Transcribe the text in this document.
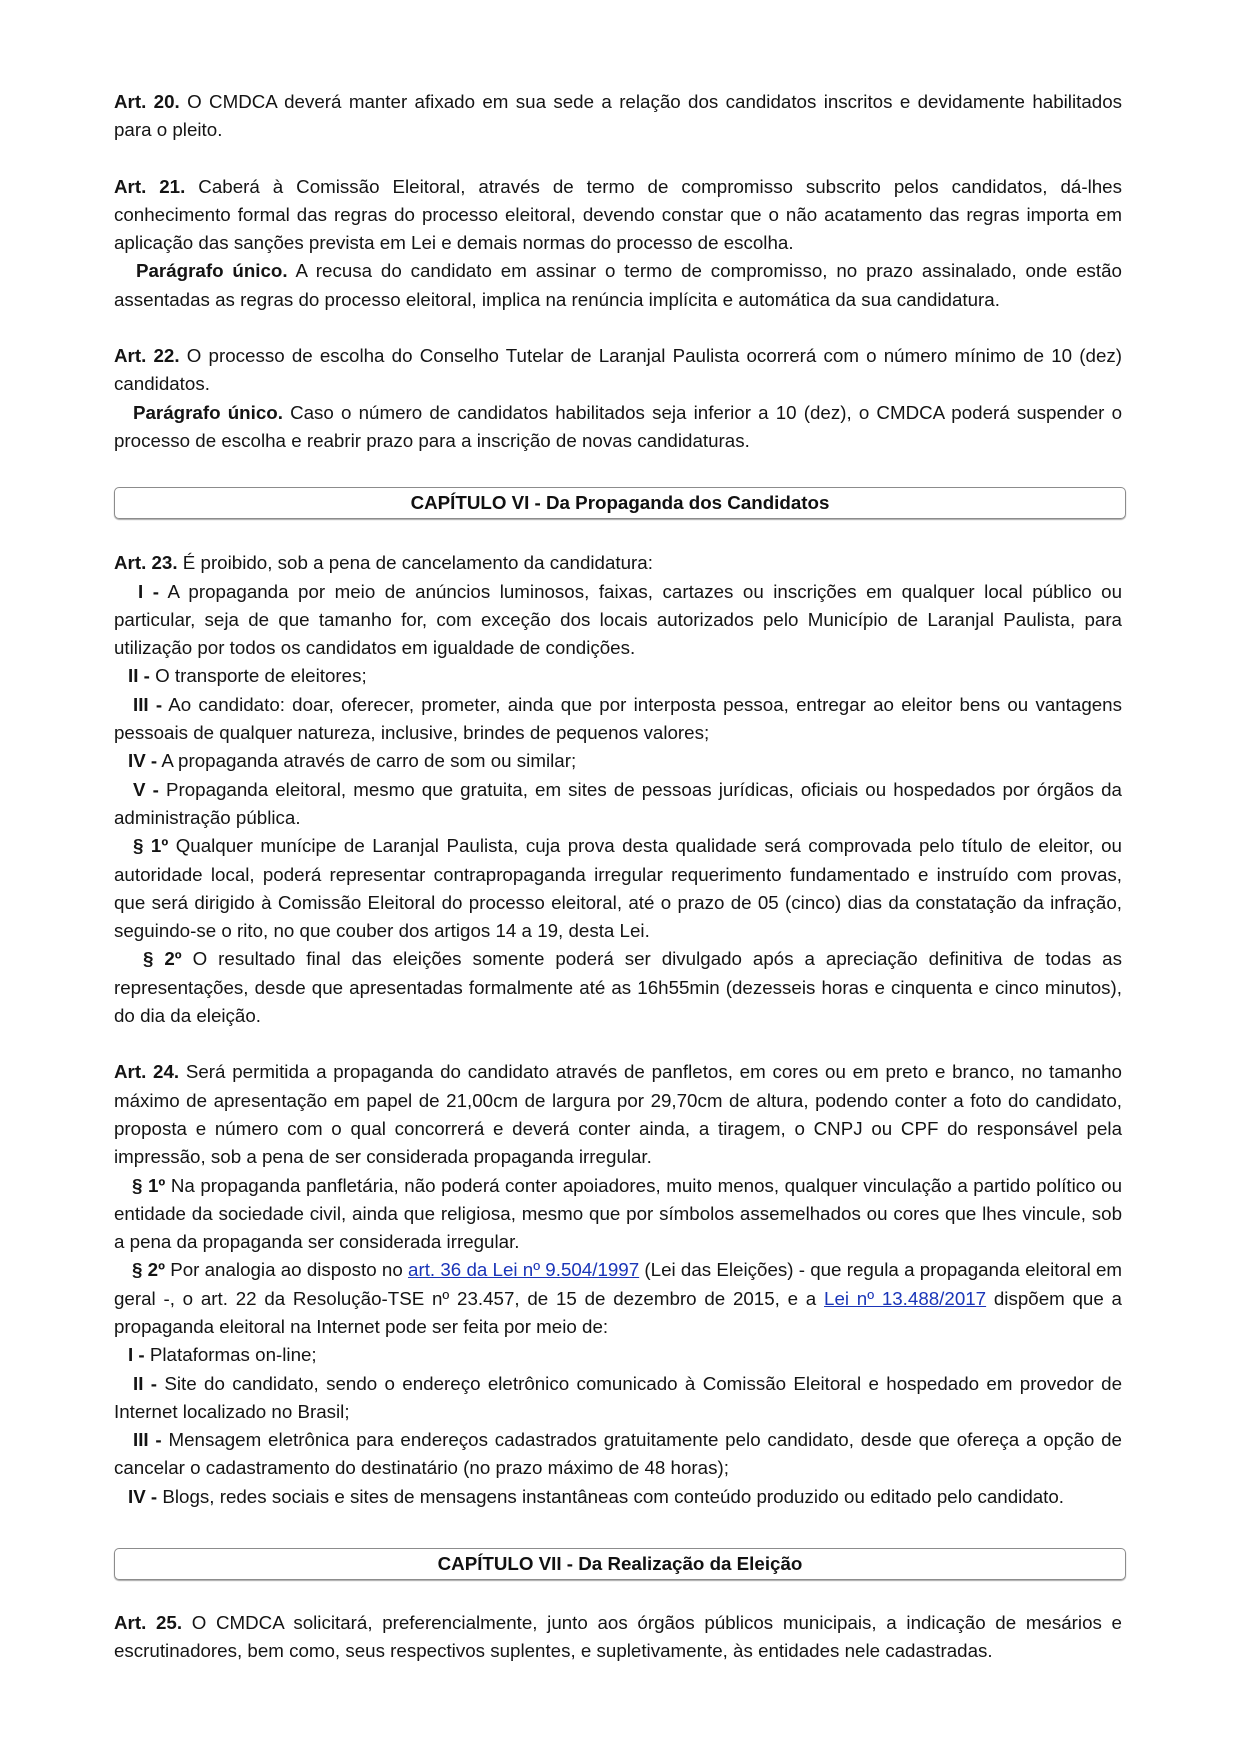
Art. 20. O CMDCA deverá manter afixado em sua sede a relação dos candidatos inscritos e devidamente habilitados para o pleito.

Art. 21. Caberá à Comissão Eleitoral, através de termo de compromisso subscrito pelos candidatos, dá-lhes conhecimento formal das regras do processo eleitoral, devendo constar que o não acatamento das regras importa em aplicação das sanções prevista em Lei e demais normas do processo de escolha.

Parágrafo único. A recusa do candidato em assinar o termo de compromisso, no prazo assinalado, onde estão assentadas as regras do processo eleitoral, implica na renúncia implícita e automática da sua candidatura.

Art. 22. O processo de escolha do Conselho Tutelar de Laranjal Paulista ocorrerá com o número mínimo de 10 (dez) candidatos.

Parágrafo único. Caso o número de candidatos habilitados seja inferior a 10 (dez), o CMDCA poderá suspender o processo de escolha e reabrir prazo para a inscrição de novas candidaturas.

CAPÍTULO VI - Da Propaganda dos Candidatos

Art. 23. É proibido, sob a pena de cancelamento da candidatura:

I - A propaganda por meio de anúncios luminosos, faixas, cartazes ou inscrições em qualquer local público ou particular, seja de que tamanho for, com exceção dos locais autorizados pelo Município de Laranjal Paulista, para utilização por todos os candidatos em igualdade de condições.

II - O transporte de eleitores;

III - Ao candidato: doar, oferecer, prometer, ainda que por interposta pessoa, entregar ao eleitor bens ou vantagens pessoais de qualquer natureza, inclusive, brindes de pequenos valores;

IV - A propaganda através de carro de som ou similar;

V - Propaganda eleitoral, mesmo que gratuita, em sites de pessoas jurídicas, oficiais ou hospedados por órgãos da administração pública.

§ 1º Qualquer munícipe de Laranjal Paulista, cuja prova desta qualidade será comprovada pelo título de eleitor, ou autoridade local, poderá representar contrapropaganda irregular requerimento fundamentado e instruído com provas, que será dirigido à Comissão Eleitoral do processo eleitoral, até o prazo de 05 (cinco) dias da constatação da infração, seguindo-se o rito, no que couber dos artigos 14 a 19, desta Lei.

§ 2º O resultado final das eleições somente poderá ser divulgado após a apreciação definitiva de todas as representações, desde que apresentadas formalmente até as 16h55min (dezesseis horas e cinquenta e cinco minutos), do dia da eleição.

Art. 24. Será permitida a propaganda do candidato através de panfletos, em cores ou em preto e branco, no tamanho máximo de apresentação em papel de 21,00cm de largura por 29,70cm de altura, podendo conter a foto do candidato, proposta e número com o qual concorrerá e deverá conter ainda, a tiragem, o CNPJ ou CPF do responsável pela impressão, sob a pena de ser considerada propaganda irregular.

§ 1º Na propaganda panfletária, não poderá conter apoiadores, muito menos, qualquer vinculação a partido político ou entidade da sociedade civil, ainda que religiosa, mesmo que por símbolos assemelhados ou cores que lhes vincule, sob a pena da propaganda ser considerada irregular.

§ 2º Por analogia ao disposto no art. 36 da Lei nº 9.504/1997 (Lei das Eleições) - que regula a propaganda eleitoral em geral -, o art. 22 da Resolução-TSE nº 23.457, de 15 de dezembro de 2015, e a Lei nº 13.488/2017 dispõem que a propaganda eleitoral na Internet pode ser feita por meio de:

I - Plataformas on-line;

II - Site do candidato, sendo o endereço eletrônico comunicado à Comissão Eleitoral e hospedado em provedor de Internet localizado no Brasil;

III - Mensagem eletrônica para endereços cadastrados gratuitamente pelo candidato, desde que ofereça a opção de cancelar o cadastramento do destinatário (no prazo máximo de 48 horas);

IV - Blogs, redes sociais e sites de mensagens instantâneas com conteúdo produzido ou editado pelo candidato.

CAPÍTULO VII - Da Realização da Eleição

Art. 25. O CMDCA solicitará, preferencialmente, junto aos órgãos públicos municipais, a indicação de mesários e escrutinadores, bem como, seus respectivos suplentes, e supletivamente, às entidades nele cadastradas.
